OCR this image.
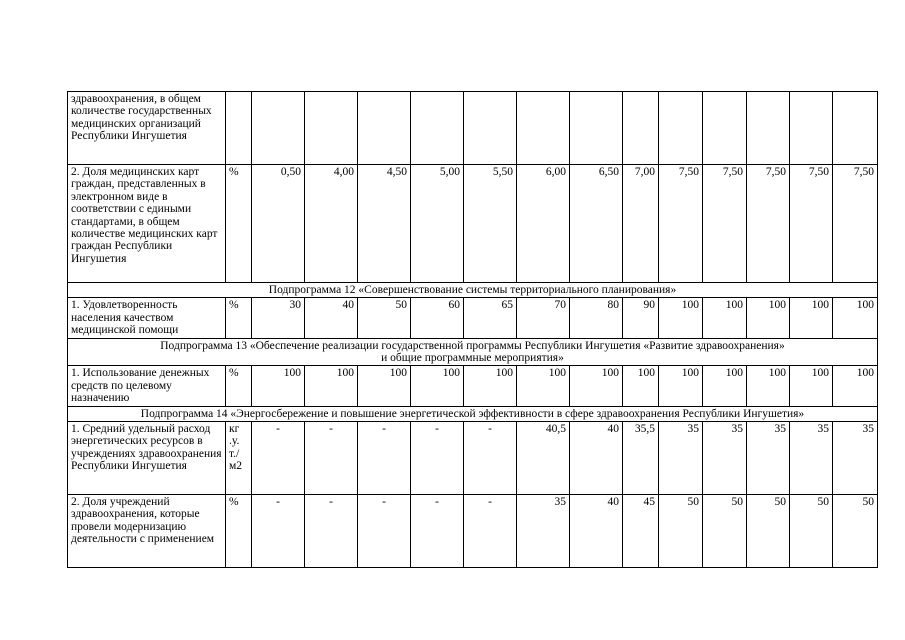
здравоохранения, в общем количестве государственных медицинских организаций Республики Ингушетия														
2. Доля медицинских карт граждан, представленных в электронном виде в соответствии с едиными стандартами, в общем количестве медицинских карт граждан Республики Ингушетия	%	0,50	4,00	4,50	5,00	5,50	6,00	6,50	7,00	7,50	7,50	7,50	7,50	7,50

Подпрограмма 12 «Совершенствование системы территориального планирования»														

1. Удовлетворенность населения качеством медицинской помощи	%	30	40	50	60	65	70	80	90	100	100	100	100	100

Подпрограмма 13 «Обеспечение реализации государственной программы Республики Ингушетия «Развитие здравоохранения»
и общие программные мероприятия»														

1. Использование денежных средств по целевому назначению	%	100	100	100	100	100	100	100	100	100	100	100	100	100

Подпрограмма 14 «Энергосбережение и повышение энергетической эффективности в сфере здравоохранения Республики Ингушетия»														

1. Средний удельный расход энергетических ресурсов в учреждениях здравоохранения Республики Ингушетия	кг .у. т./ м2	-	-	-	-	-	40,5	40	35,5	35	35	35	35	35
2. Доля учреждений здравоохранения, которые провели модернизацию деятельности с применением	%	-	-	-	-	-	35	40	45	50	50	50	50	50
